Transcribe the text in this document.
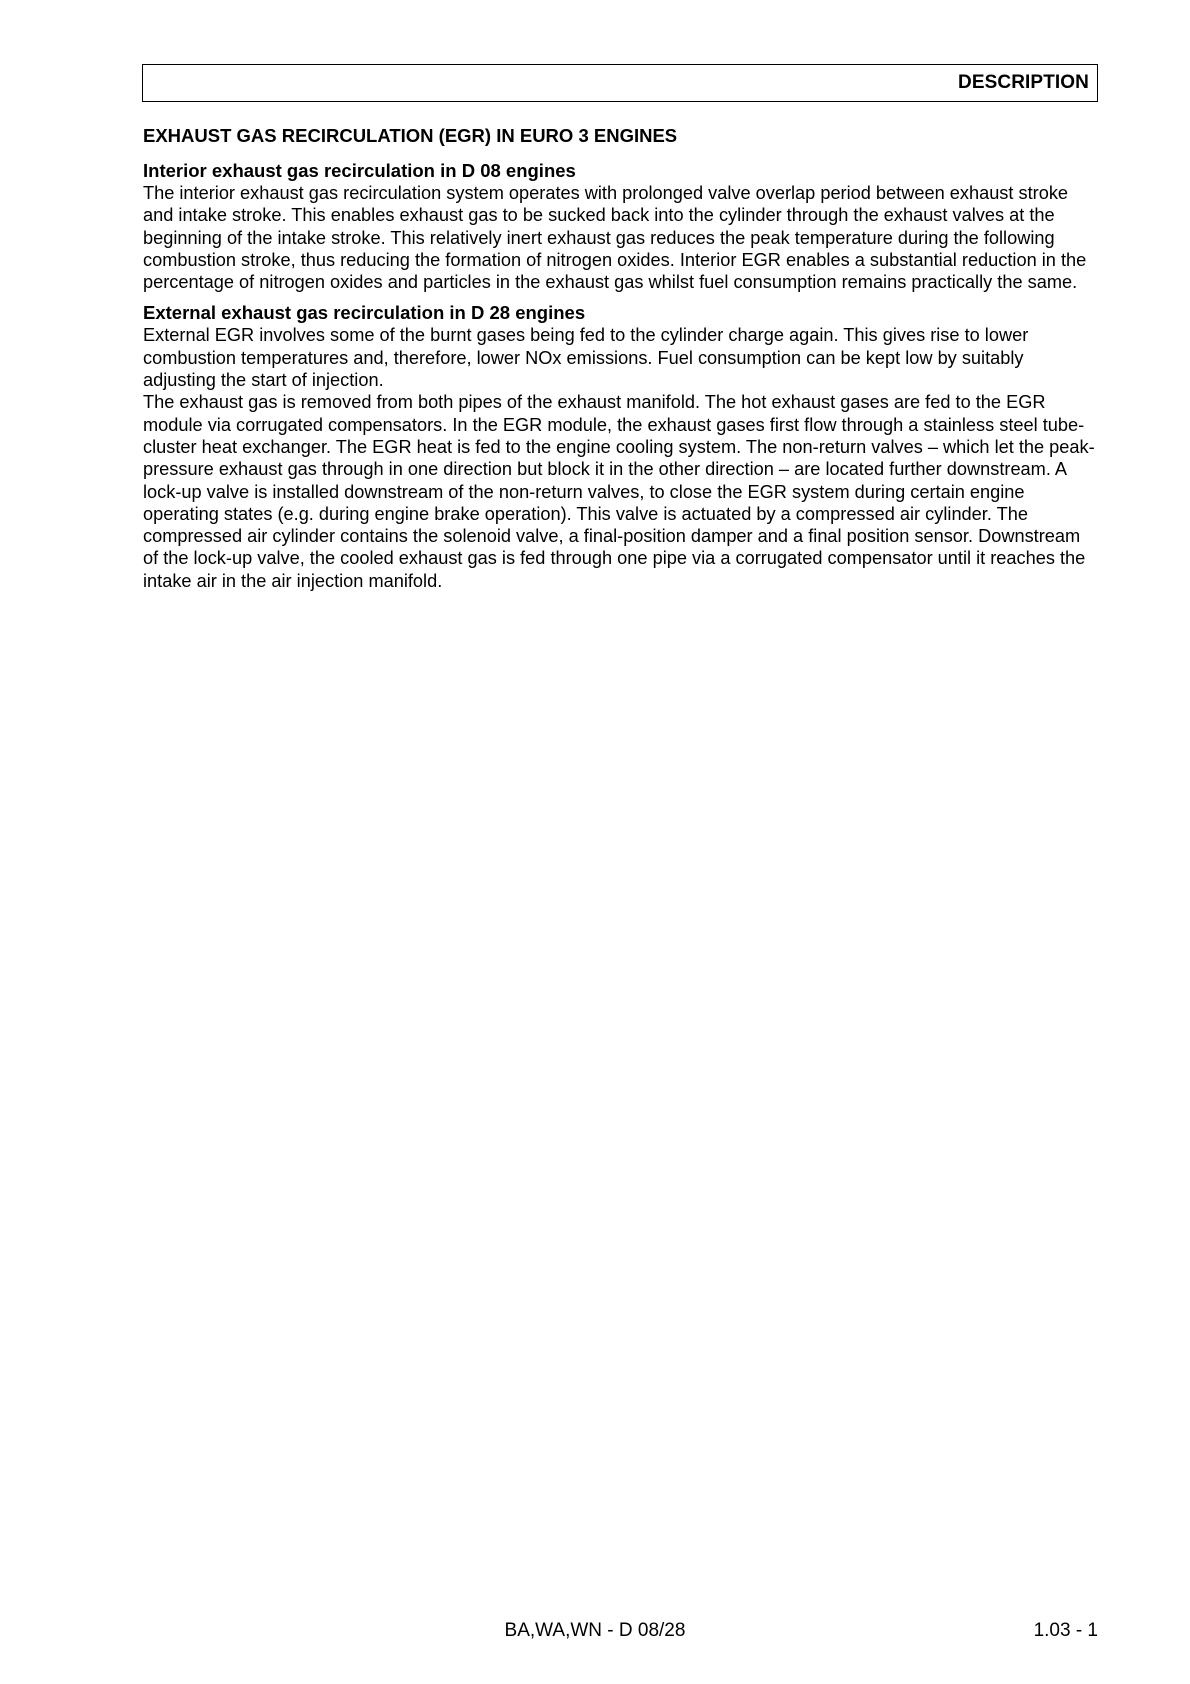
DESCRIPTION
EXHAUST GAS RECIRCULATION (EGR) IN EURO 3 ENGINES
Interior exhaust gas recirculation in D 08 engines

The interior exhaust gas recirculation system operates with prolonged valve overlap period between exhaust stroke and intake stroke. This enables exhaust gas to be sucked back into the cylinder through the exhaust valves at the beginning of the intake stroke. This relatively inert exhaust gas reduces the peak temperature during the following combustion stroke, thus reducing the formation of nitrogen oxides. Interior EGR enables a substantial reduction in the percentage of nitrogen oxides and particles in the exhaust gas whilst fuel consumption remains practically the same.

External exhaust gas recirculation in D 28 engines

External EGR involves some of the burnt gases being fed to the cylinder charge again. This gives rise to lower combustion temperatures and, therefore, lower NOx emissions. Fuel consumption can be kept low by suitably adjusting the start of injection.

The exhaust gas is removed from both pipes of the exhaust manifold. The hot exhaust gases are fed to the EGR module via corrugated compensators. In the EGR module, the exhaust gases first flow through a stainless steel tube-cluster heat exchanger. The EGR heat is fed to the engine cooling system. The non-return valves – which let the peak-pressure exhaust gas through in one direction but block it in the other direction – are located further downstream. A lock-up valve is installed downstream of the non-return valves, to close the EGR system during certain engine operating states (e.g. during engine brake operation). This valve is actuated by a compressed air cylinder. The compressed air cylinder contains the solenoid valve, a final-position damper and a final position sensor. Downstream of the lock-up valve, the cooled exhaust gas is fed through one pipe via a corrugated compensator until it reaches the intake air in the air injection manifold.

BA,WA,WN - D 08/28	1.03 - 1
